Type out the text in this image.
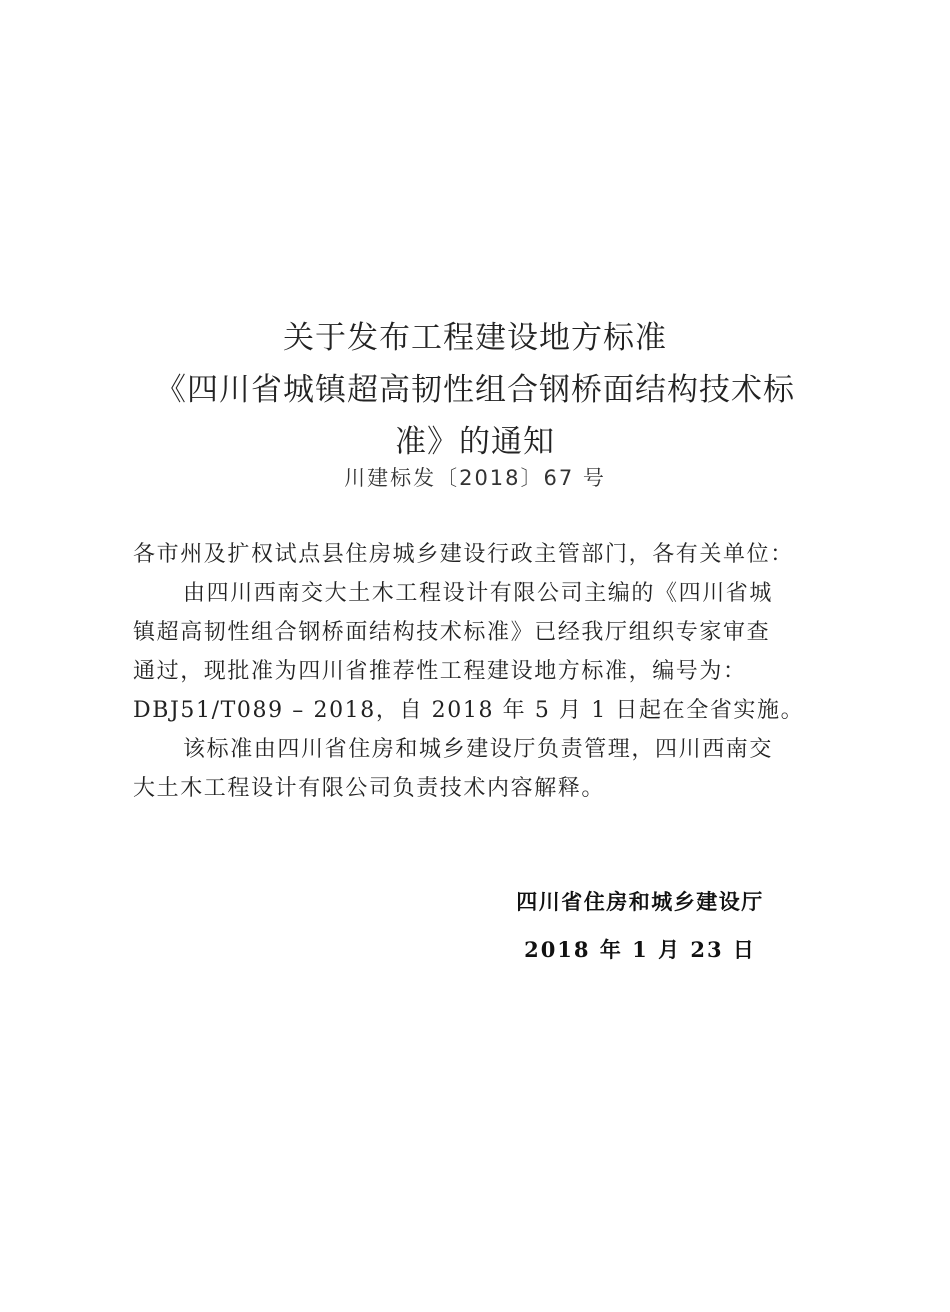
关于发布工程建设地方标准
《四川省城镇超高韧性组合钢桥面结构技术标
准》的通知
川建标发〔2018〕67 号
各市州及扩权试点县住房城乡建设行政主管部门，各有关单位：
由四川西南交大土木工程设计有限公司主编的《四川省城
镇超高韧性组合钢桥面结构技术标准》已经我厅组织专家审查
通过，现批准为四川省推荐性工程建设地方标准，编号为：
DBJ51/T089 – 2018，自 2018 年 5 月 1 日起在全省实施。
该标准由四川省住房和城乡建设厅负责管理，四川西南交
大土木工程设计有限公司负责技术内容解释。
四川省住房和城乡建设厅
2018 年 1 月 23 日
